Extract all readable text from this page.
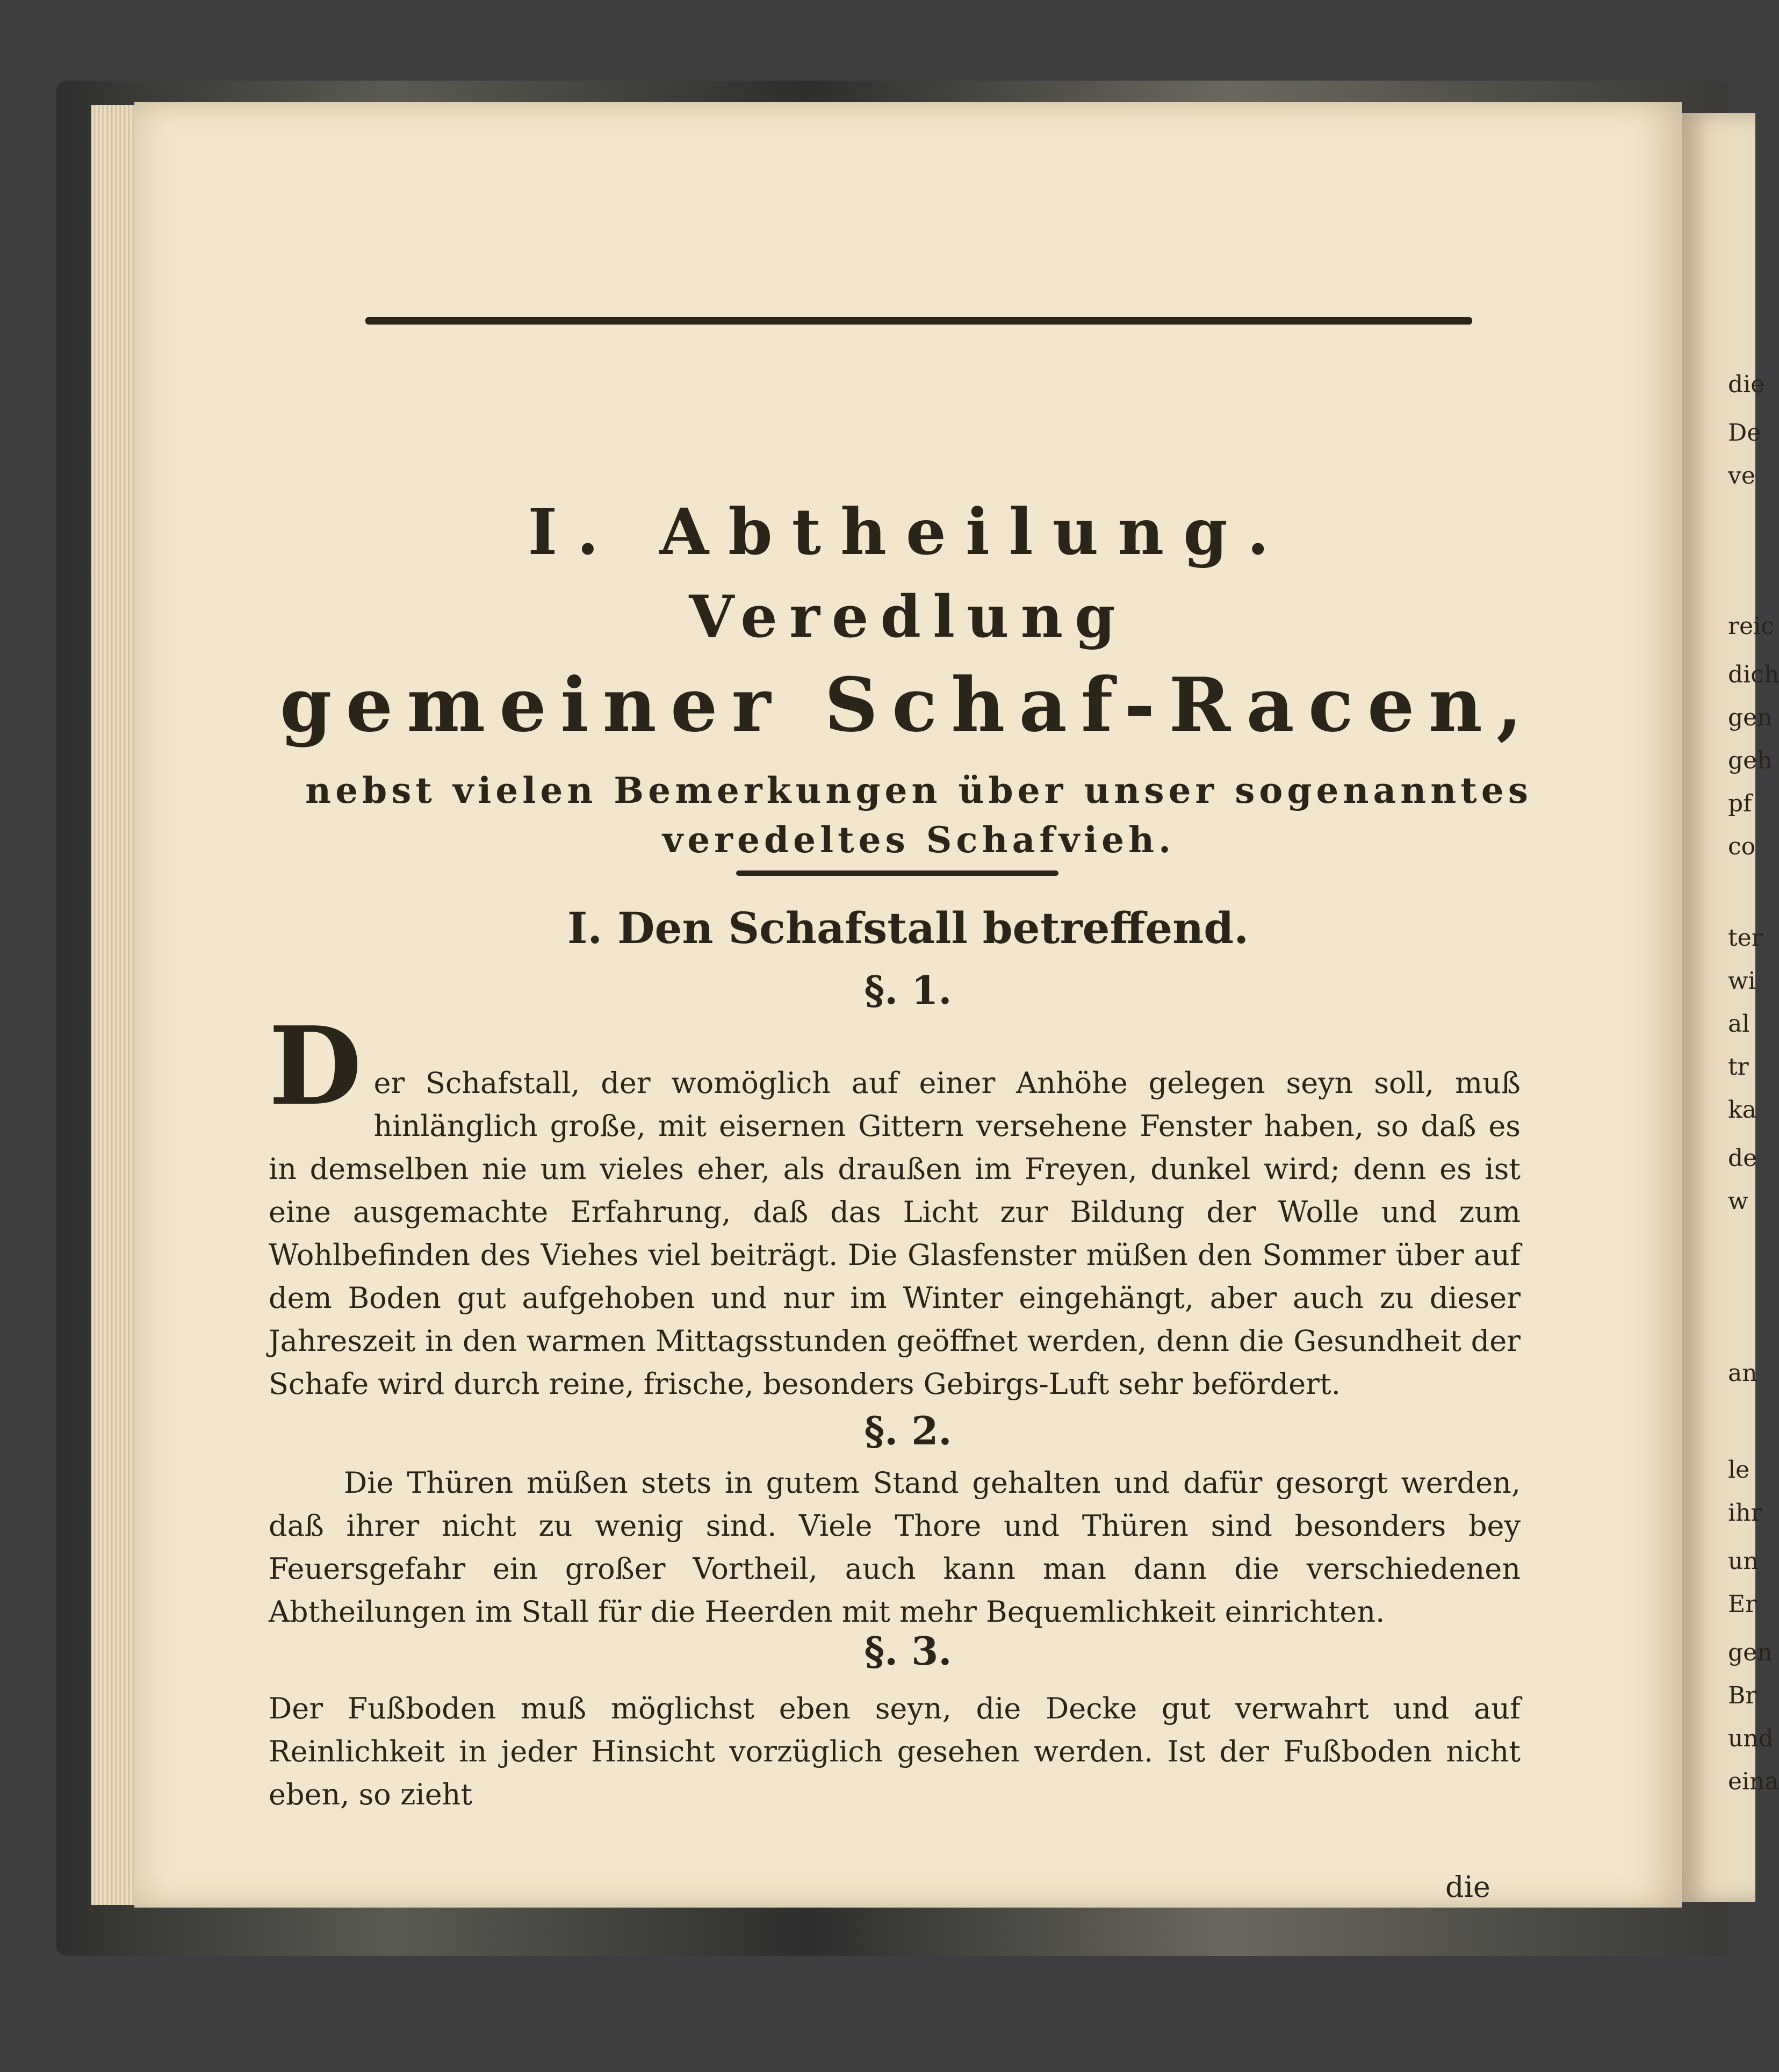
die
De
ve
reic
dich
gen
geh
pf
co
ter
wi
al
tr
ka
de
w
an
le
ihr
un
Er
gen
Br
und
eina
I. Abtheilung.
Veredlung
gemeiner Schaf-Racen,
nebst vielen Bemerkungen über unser sogenanntes veredeltes Schafvieh.
I. Den Schafstall betreffend.
§. 1.
D er Schafstall, der womöglich auf einer Anhöhe gelegen seyn soll, muß hinlänglich große, mit eisernen Gittern versehene Fenster haben, so daß es in demselben nie um vieles eher, als draußen im Freyen, dunkel wird; denn es ist eine ausgemachte Erfahrung, daß das Licht zur Bildung der Wolle und zum Wohlbefinden des Viehes viel beiträgt. Die Glasfenster müßen den Sommer über auf dem Boden gut aufgehoben und nur im Winter eingehängt, aber auch zu dieser Jahreszeit in den warmen Mittagsstunden geöffnet werden, denn die Gesundheit der Schafe wird durch reine, frische, besonders Gebirgs-Luft sehr befördert.
§. 2.
Die Thüren müßen stets in gutem Stand gehalten und dafür gesorgt werden, daß ihrer nicht zu wenig sind. Viele Thore und Thüren sind besonders bey Feuersgefahr ein großer Vortheil, auch kann man dann die verschiedenen Abtheilungen im Stall für die Heerden mit mehr Bequemlichkeit einrichten.
§. 3.
Der Fußboden muß möglichst eben seyn, die Decke gut verwahrt und auf Reinlichkeit in jeder Hinsicht vorzüglich gesehen werden. Ist der Fußboden nicht eben, so zieht
die
